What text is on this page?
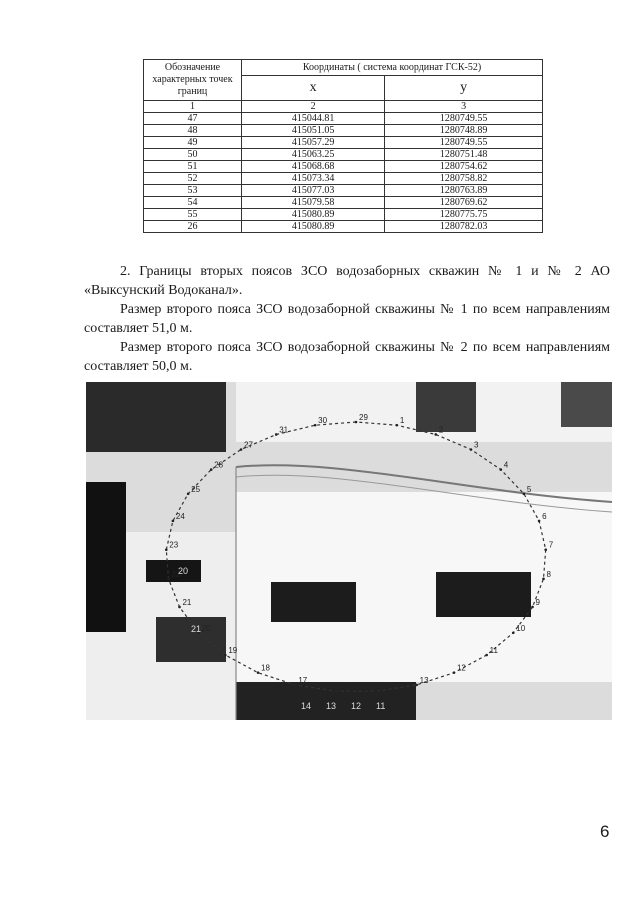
Обозначение характерных точек границ	Координаты ( система координат ГСК-52)	
	x	y
1	2	3
47	415044.81	1280749.55
48	415051.05	1280748.89
49	415057.29	1280749.55
50	415063.25	1280751.48
51	415068.68	1280754.62
52	415073.34	1280758.82
53	415077.03	1280763.89
54	415079.58	1280769.62
55	415080.89	1280775.75
26	415080.89	1280782.03

2. Границы вторых поясов ЗСО водозаборных скважин № 1 и № 2 АО «Выксунский Водоканал».

Размер второго пояса ЗСО водозаборной скважины № 1 по всем направлениям составляет 51,0 м.

Размер второго пояса ЗСО водозаборной скважины № 2 по всем направлениям составляет 50,0 м.

29
30
31
27
28
25
24
23
22
21
20
19
18
17
16	15
13
12
11
10
9
8
7
6
5
4
3
2
1
20
21
14 13 12 11
6
